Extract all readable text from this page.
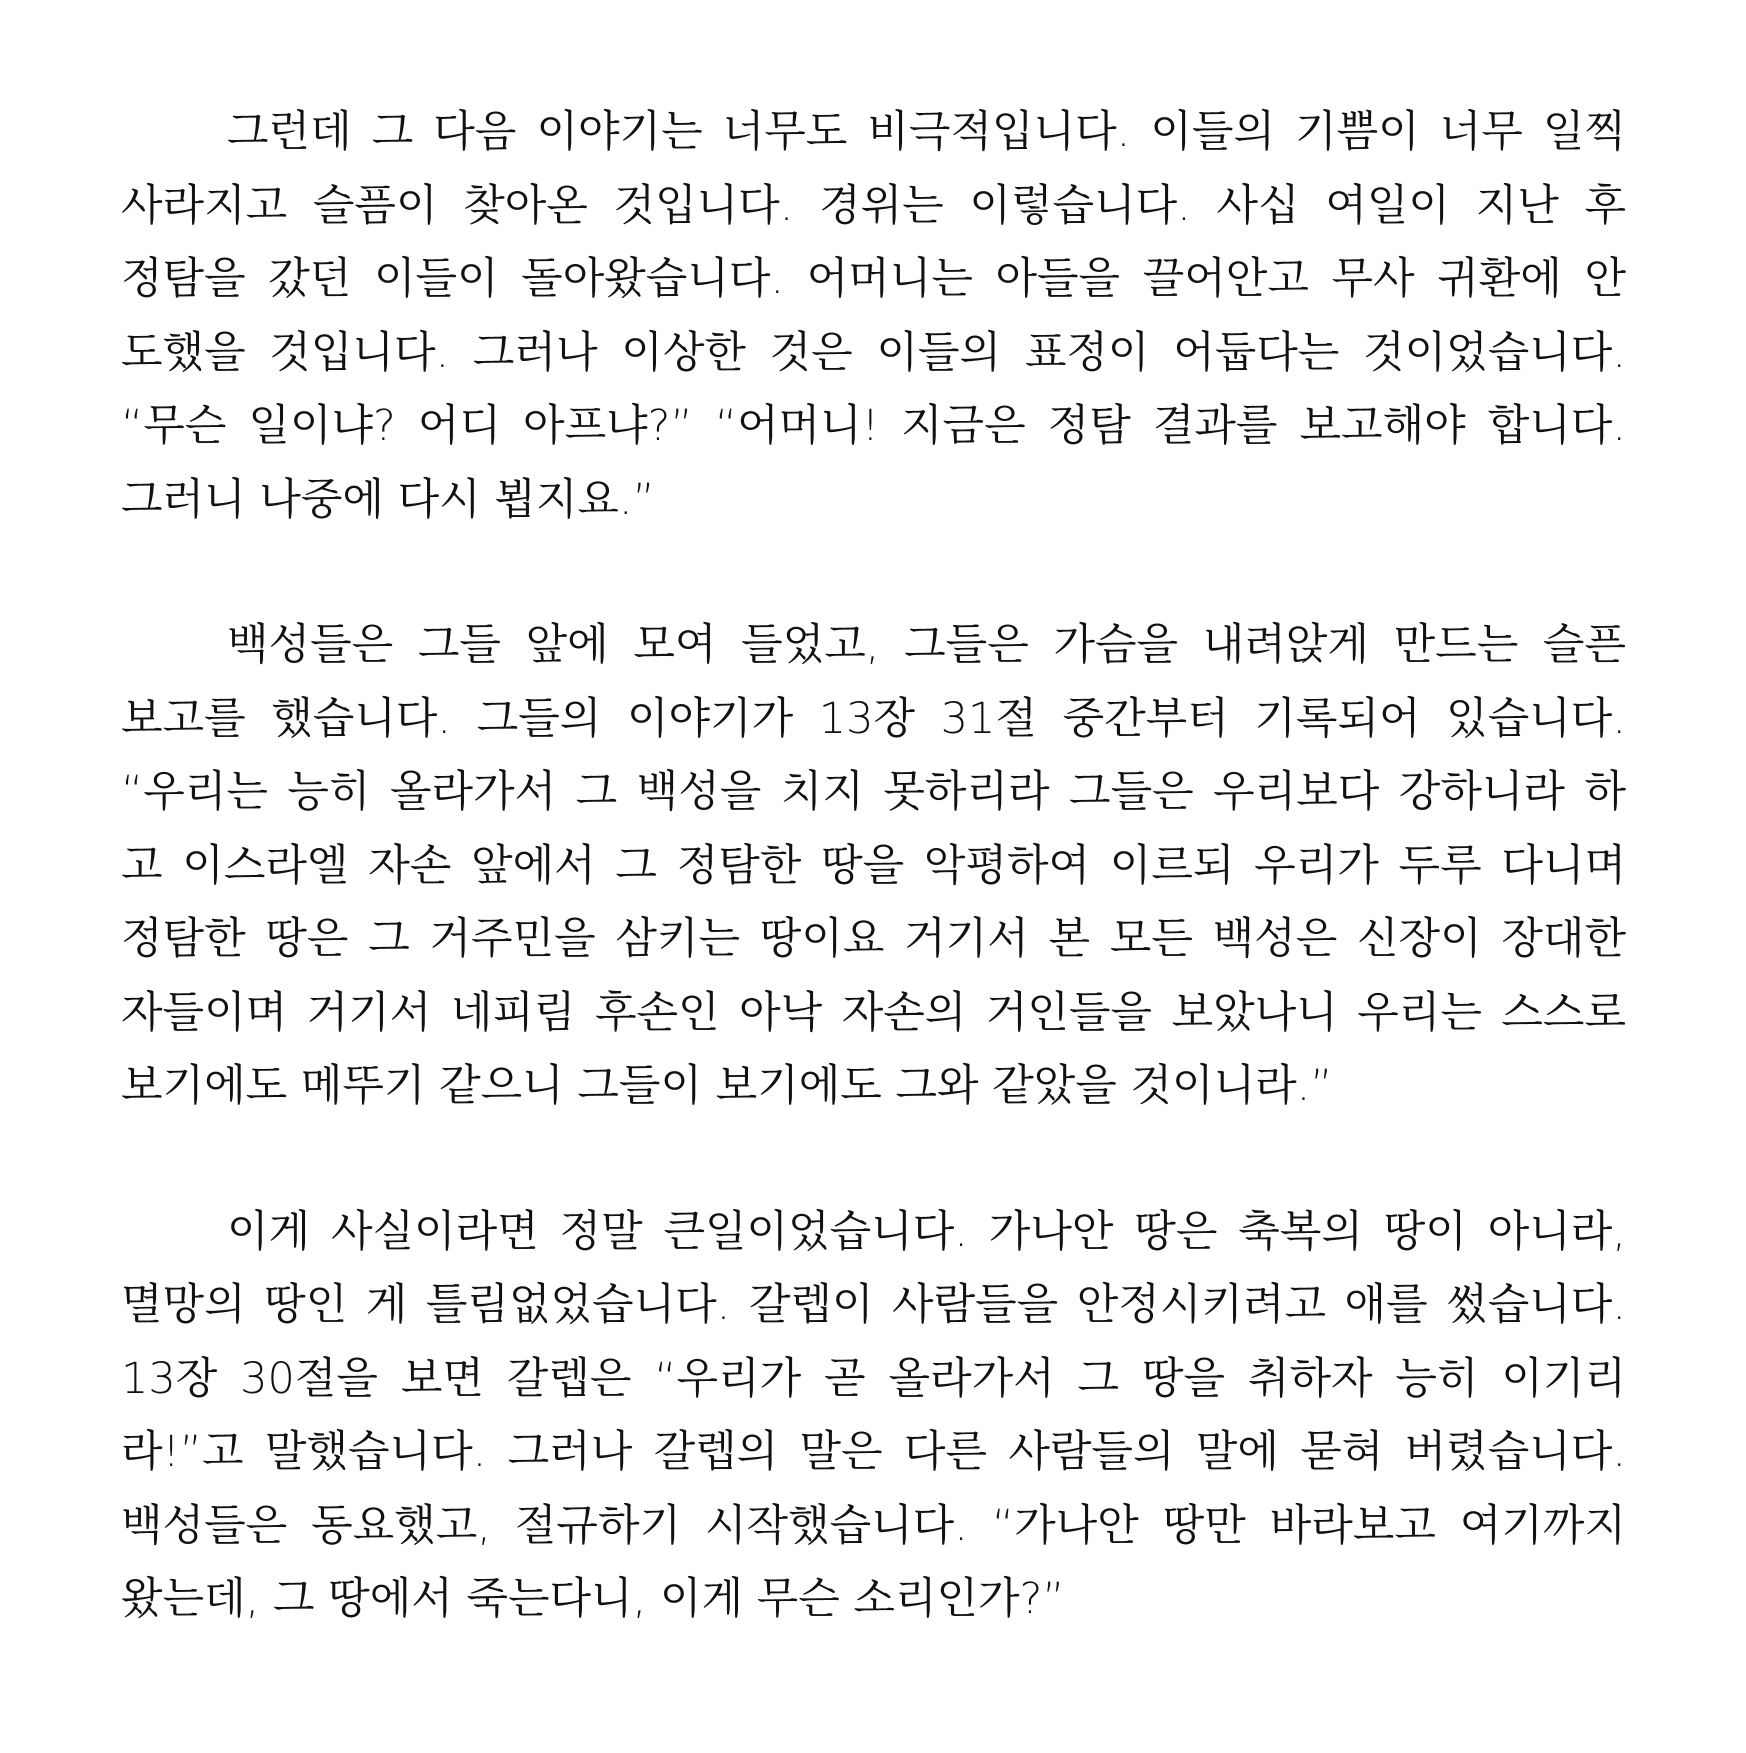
그런데 그 다음 이야기는 너무도 비극적입니다. 이들의 기쁨이 너무 일찍
사라지고 슬픔이 찾아온 것입니다. 경위는 이렇습니다. 사십 여일이 지난 후
정탐을 갔던 이들이 돌아왔습니다. 어머니는 아들을 끌어안고 무사 귀환에 안
도했을 것입니다. 그러나 이상한 것은 이들의 표정이 어둡다는 것이었습니다.
“무슨 일이냐? 어디 아프냐?” “어머니! 지금은 정탐 결과를 보고해야 합니다.
그러니 나중에 다시 뵙지요.”
백성들은 그들 앞에 모여 들었고, 그들은 가슴을 내려앉게 만드는 슬픈
보고를 했습니다. 그들의 이야기가 13장 31절 중간부터 기록되어 있습니다.
“우리는 능히 올라가서 그 백성을 치지 못하리라 그들은 우리보다 강하니라 하
고 이스라엘 자손 앞에서 그 정탐한 땅을 악평하여 이르되 우리가 두루 다니며
정탐한 땅은 그 거주민을 삼키는 땅이요 거기서 본 모든 백성은 신장이 장대한
자들이며 거기서 네피림 후손인 아낙 자손의 거인들을 보았나니 우리는 스스로
보기에도 메뚜기 같으니 그들이 보기에도 그와 같았을 것이니라.”
이게 사실이라면 정말 큰일이었습니다. 가나안 땅은 축복의 땅이 아니라,
멸망의 땅인 게 틀림없었습니다. 갈렙이 사람들을 안정시키려고 애를 썼습니다.
13장 30절을 보면 갈렙은 “우리가 곧 올라가서 그 땅을 취하자 능히 이기리
라!”고 말했습니다. 그러나 갈렙의 말은 다른 사람들의 말에 묻혀 버렸습니다.
백성들은 동요했고, 절규하기 시작했습니다. “가나안 땅만 바라보고 여기까지
왔는데, 그 땅에서 죽는다니, 이게 무슨 소리인가?”
